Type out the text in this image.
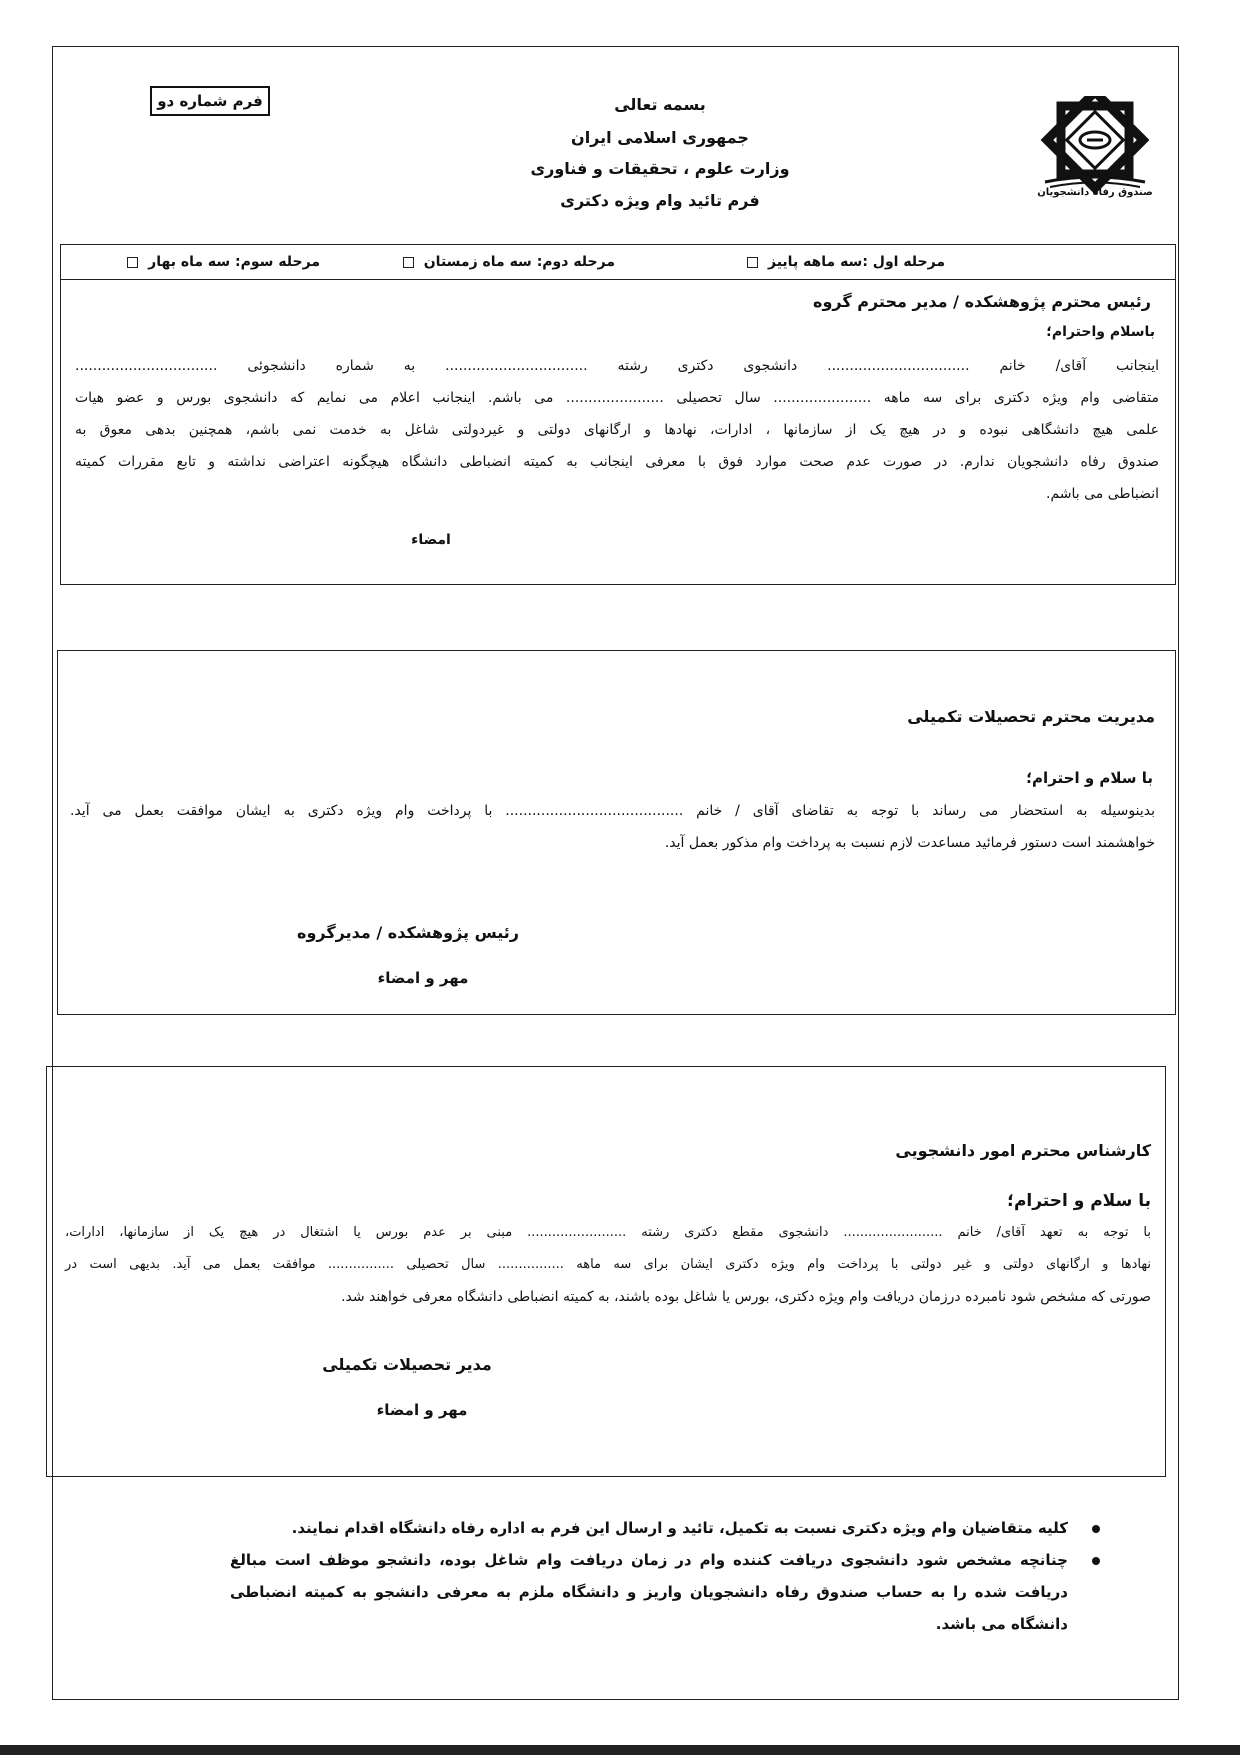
فرم شماره دو	بسمه تعالی
جمهوری اسلامی ایران
وزارت علوم ، تحقیقات و فناوری
فرم تائید وام ویژه دکتری	صندوق رفاه دانشجویان
مرحله اول :سه ماهه پاییز
مرحله دوم: سه ماه زمستان
مرحله سوم: سه ماه بهار
رئیس محترم پژوهشکده / مدیر محترم گروه
باسلام واحترام؛
اینجانب آقای/ خانم ................................ دانشجوی دکتری رشته ................................ به شماره دانشجوئی ................................
متقاضی وام ویژه دکتری برای سه ماهه ...................... سال تحصیلی ...................... می باشم. اینجانب اعلام می نمایم که دانشجوی بورس و عضو هیات
علمی هیچ دانشگاهی نبوده و در هیچ یک از سازمانها ، ادارات، نهادها و ارگانهای دولتی و غیردولتی شاغل به خدمت نمی باشم، همچنین بدهی معوق به
صندوق رفاه دانشجویان ندارم. در صورت عدم صحت موارد فوق با معرفی اینجانب به کمیته انضباطی دانشگاه هیچگونه اعتراضی نداشته و تابع مقررات کمیته
انضباطی می باشم.
امضاء
مدیریت محترم تحصیلات تکمیلی
با سلام و احترام؛
بدینوسیله به استحضار می رساند با توجه به تقاضای آقای / خانم ........................................ با پرداخت وام ویژه دکتری به ایشان موافقت بعمل می آید.
خواهشمند است دستور فرمائید مساعدت لازم نسبت به پرداخت وام مذکور بعمل آید.
رئیس پژوهشکده / مدیرگروه
مهر و امضاء
کارشناس محترم امور دانشجویی
با سلام و احترام؛
با توجه به تعهد آقای/ خانم ........................ دانشجوی مقطع دکتری رشته ........................ مبنی بر عدم بورس یا اشتغال در هیچ یک از سازمانها، ادارات،
نهادها و ارگانهای دولتی و غیر دولتی با پرداخت وام ویژه دکتری ایشان برای سه ماهه ................ سال تحصیلی ................ موافقت بعمل می آید. بدیهی است در
صورتی که مشخص شود نامبرده درزمان دریافت وام ویژه دکتری، بورس یا شاغل بوده باشند، به کمیته انضباطی دانشگاه معرفی خواهند شد.
مدیر تحصیلات تکمیلی
مهر و امضاء
کلیه متقاضیان وام ویژه دکتری نسبت به تکمیل، تائید و ارسال این فرم به اداره رفاه دانشگاه اقدام نمایند.
چنانچه مشخص شود دانشجوی دریافت کننده وام در زمان دریافت وام شاغل بوده، دانشجو موظف است مبالغ دریافت شده را به حساب صندوق رفاه دانشجویان واریز و دانشگاه ملزم به معرفی دانشجو به کمیته انضباطی دانشگاه می باشد.
